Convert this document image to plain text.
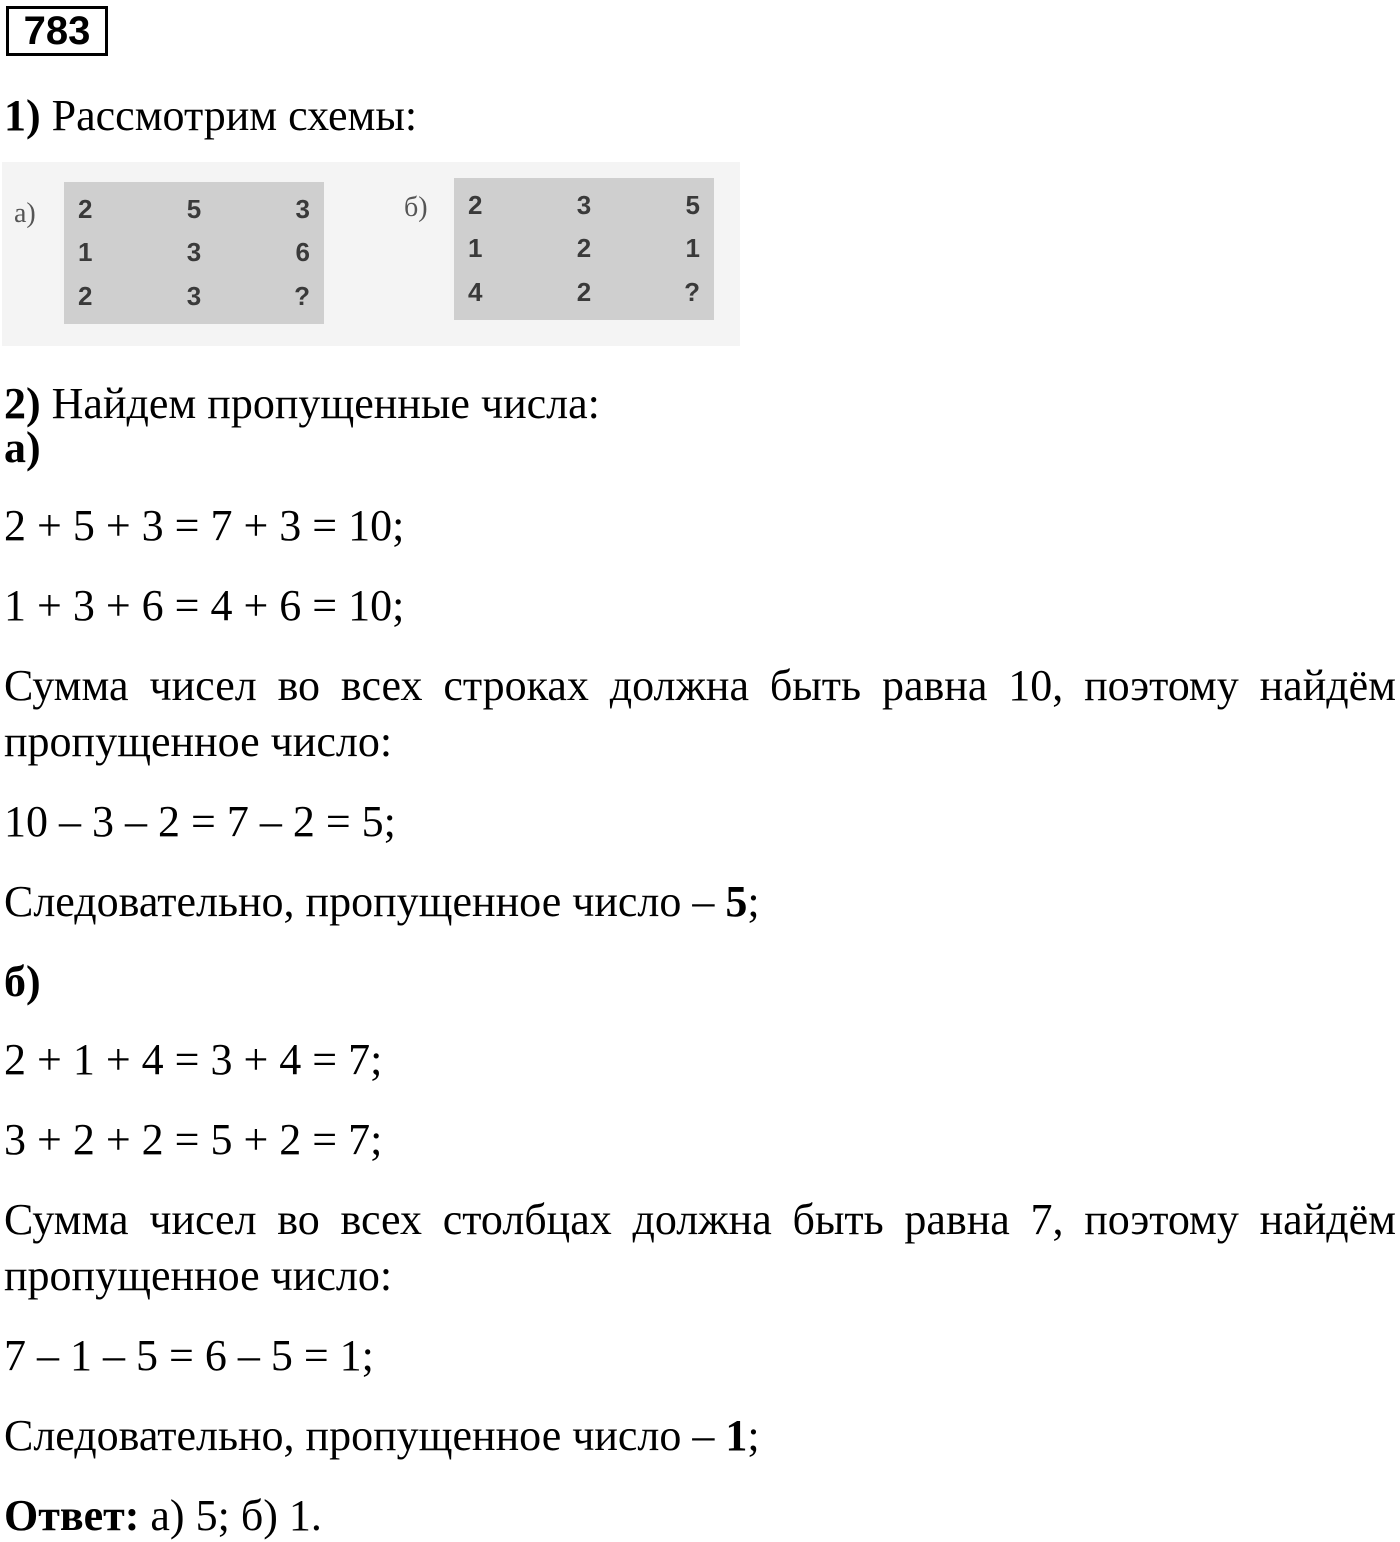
783
1) Рассмотрим схемы:
а) 2	5	3
1	3	6
2	3	?
б) 2	3	5
1	2	1
4	2	?
2) Найдем пропущенные числа:
а)
2 + 5 + 3 = 7 + 3 = 10;
1 + 3 + 6 = 4 + 6 = 10;
Сумма чисел во всех строках должна быть равна 10, поэтому найдём
пропущенное число:
10 – 3 – 2 = 7 – 2 = 5;
Следовательно, пропущенное число – 5;
б)
2 + 1 + 4 = 3 + 4 = 7;
3 + 2 + 2 = 5 + 2 = 7;
Сумма чисел во всех столбцах должна быть равна 7, поэтому найдём
пропущенное число:
7 – 1 – 5 = 6 – 5 = 1;
Следовательно, пропущенное число – 1;
Ответ: а) 5; б) 1.
